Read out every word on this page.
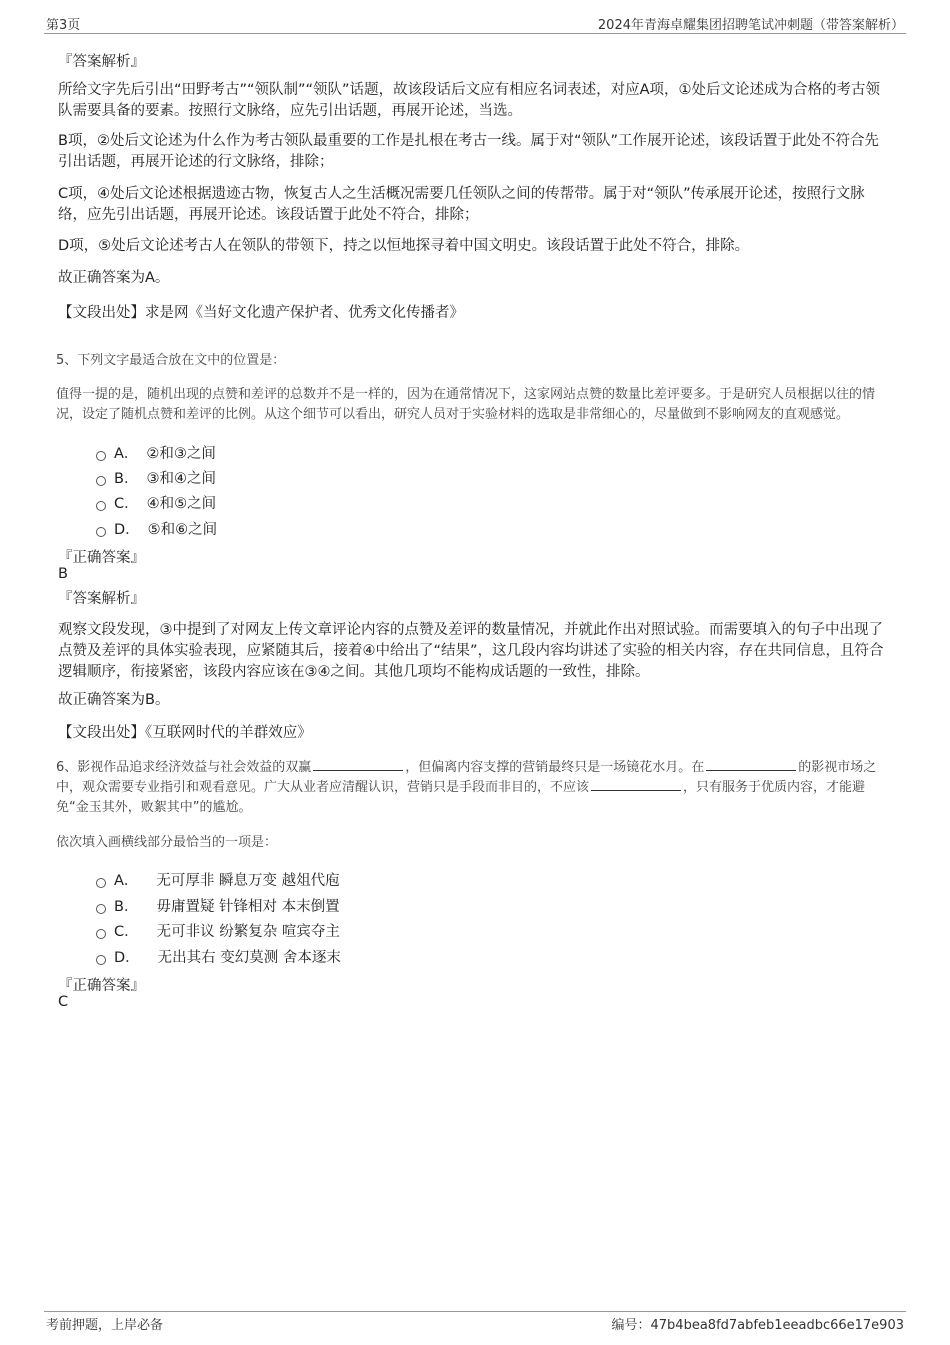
第3页	2024年青海卓耀集团招聘笔试冲刺题（带答案解析）
『答案解析』

所给文字先后引出“田野考古”“领队制”“领队”话题，故该段话后文应有相应名词表述，对应A项，①处后文论述成为合格的考古领队需要具备的要素。按照行文脉络，应先引出话题，再展开论述，当选。

B项，②处后文论述为什么作为考古领队最重要的工作是扎根在考古一线。属于对“领队”工作展开论述，该段话置于此处不符合先引出话题，再展开论述的行文脉络，排除；

C项，④处后文论述根据遗迹古物，恢复古人之生活概况需要几任领队之间的传帮带。属于对“领队”传承展开论述，按照行文脉络，应先引出话题，再展开论述。该段话置于此处不符合，排除；

D项，⑤处后文论述考古人在领队的带领下，持之以恒地探寻着中国文明史。该段话置于此处不符合，排除。

故正确答案为A。

【文段出处】求是网《当好文化遗产保护者、优秀文化传播者》

5、下列文字最适合放在文中的位置是：

值得一提的是，随机出现的点赞和差评的总数并不是一样的，因为在通常情况下，这家网站点赞的数量比差评要多。于是研究人员根据以往的情况，设定了随机点赞和差评的比例。从这个细节可以看出，研究人员对于实验材料的选取是非常细心的，尽量做到不影响网友的直观感觉。

A． ②和③之间
B． ③和④之间
C． ④和⑤之间
D． ⑤和⑥之间
『正确答案』
B
『答案解析』

观察文段发现，③中提到了对网友上传文章评论内容的点赞及差评的数量情况，并就此作出对照试验。而需要填入的句子中出现了点赞及差评的具体实验表现，应紧随其后，接着④中给出了“结果”，这几段内容均讲述了实验的相关内容，存在共同信息，且符合逻辑顺序，衔接紧密，该段内容应该在③④之间。其他几项均不能构成话题的一致性，排除。

故正确答案为B。

【文段出处】《互联网时代的羊群效应》

6、影视作品追求经济效益与社会效益的双赢	，但偏离内容支撑的营销最终只是一场镜花水月。在	的影视市场之中，观众需要专业指引和观看意见。广大从业者应清醒认识，营销只是手段而非目的，不应该	，只有服务于优质内容，才能避免“金玉其外，败絮其中”的尴尬。

依次填入画横线部分最恰当的一项是：

A． 无可厚非 瞬息万变 越俎代庖
B． 毋庸置疑 针锋相对 本末倒置
C． 无可非议 纷繁复杂 喧宾夺主
D． 无出其右 变幻莫测 舍本逐末
『正确答案』
C
考前押题，上岸必备	编号：47b4bea8fd7abfeb1eeadbc66e17e903
